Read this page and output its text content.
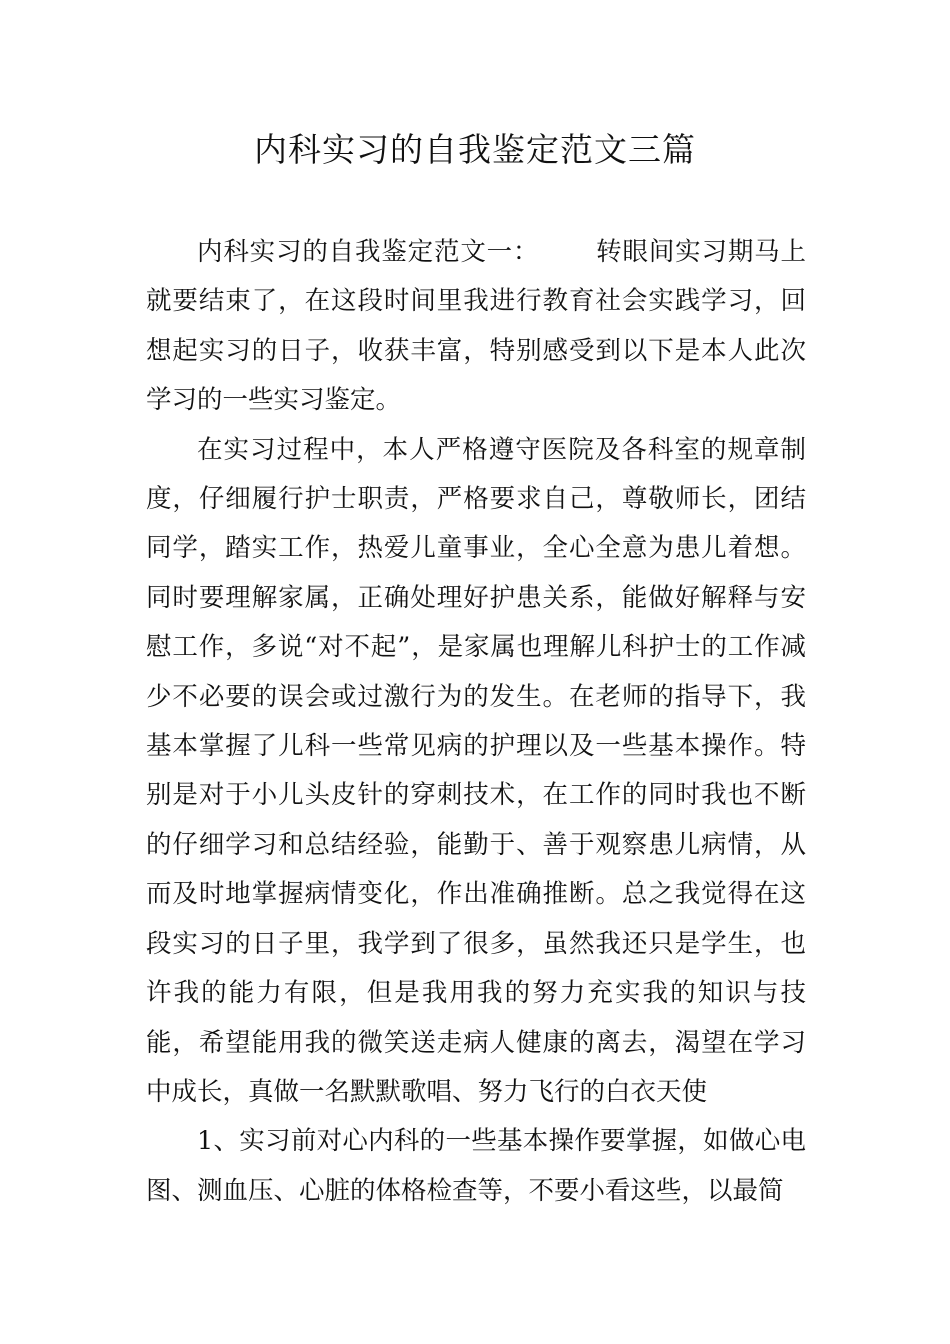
内科实习的自我鉴定范文三篇

内科实习的自我鉴定范文一： 转眼间实习期马上就要结束了，在这段时间里我进行教育社会实践学习，回想起实习的日子，收获丰富，特别感受到以下是本人此次学习的一些实习鉴定。

在实习过程中，本人严格遵守医院及各科室的规章制度，仔细履行护士职责，严格要求自己，尊敬师长，团结同学，踏实工作，热爱儿童事业，全心全意为患儿着想。同时要理解家属，正确处理好护患关系，能做好解释与安慰工作，多说“对不起”，是家属也理解儿科护士的工作减少不必要的误会或过激行为的发生。在老师的指导下，我基本掌握了儿科一些常见病的护理以及一些基本操作。特别是对于小儿头皮针的穿刺技术，在工作的同时我也不断的仔细学习和总结经验，能勤于、善于观察患儿病情，从而及时地掌握病情变化，作出准确推断。总之我觉得在这段实习的日子里，我学到了很多，虽然我还只是学生，也许我的能力有限，但是我用我的努力充实我的知识与技能，希望能用我的微笑送走病人健康的离去，渴望在学习中成长，真做一名默默歌唱、努力飞行的白衣天使

1、实习前对心内科的一些基本操作要掌握，如做心电图、测血压、心脏的体格检查等，不要小看这些，以最简
